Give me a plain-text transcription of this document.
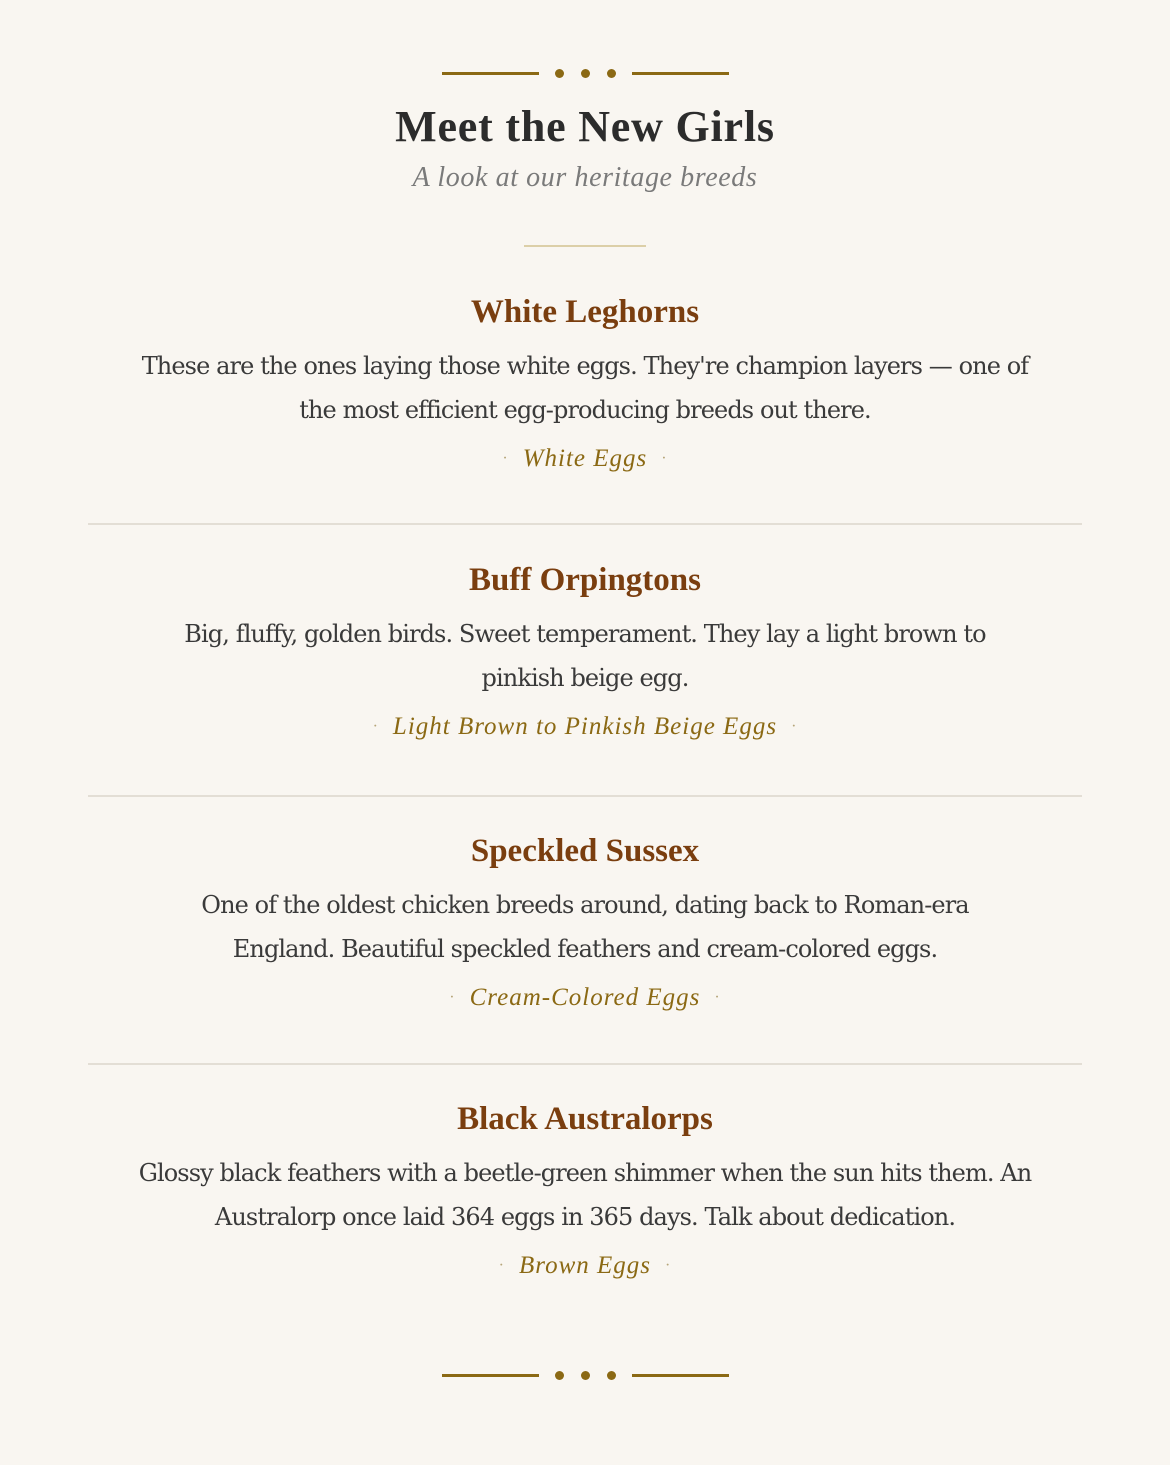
Meet the New Girls

A look at our heritage breeds

White Leghorns

These are the ones laying those white eggs. They're champion layers — one of the most efficient egg-producing breeds out there.

· White Eggs ·
Buff Orpingtons

Big, fluffy, golden birds. Sweet temperament. They lay a light brown to pinkish beige egg.

· Light Brown to Pinkish Beige Eggs ·
Speckled Sussex

One of the oldest chicken breeds around, dating back to Roman-era England. Beautiful speckled feathers and cream-colored eggs.

· Cream-Colored Eggs ·
Black Australorps

Glossy black feathers with a beetle-green shimmer when the sun hits them. An Australorp once laid 364 eggs in 365 days. Talk about dedication.

· Brown Eggs ·
